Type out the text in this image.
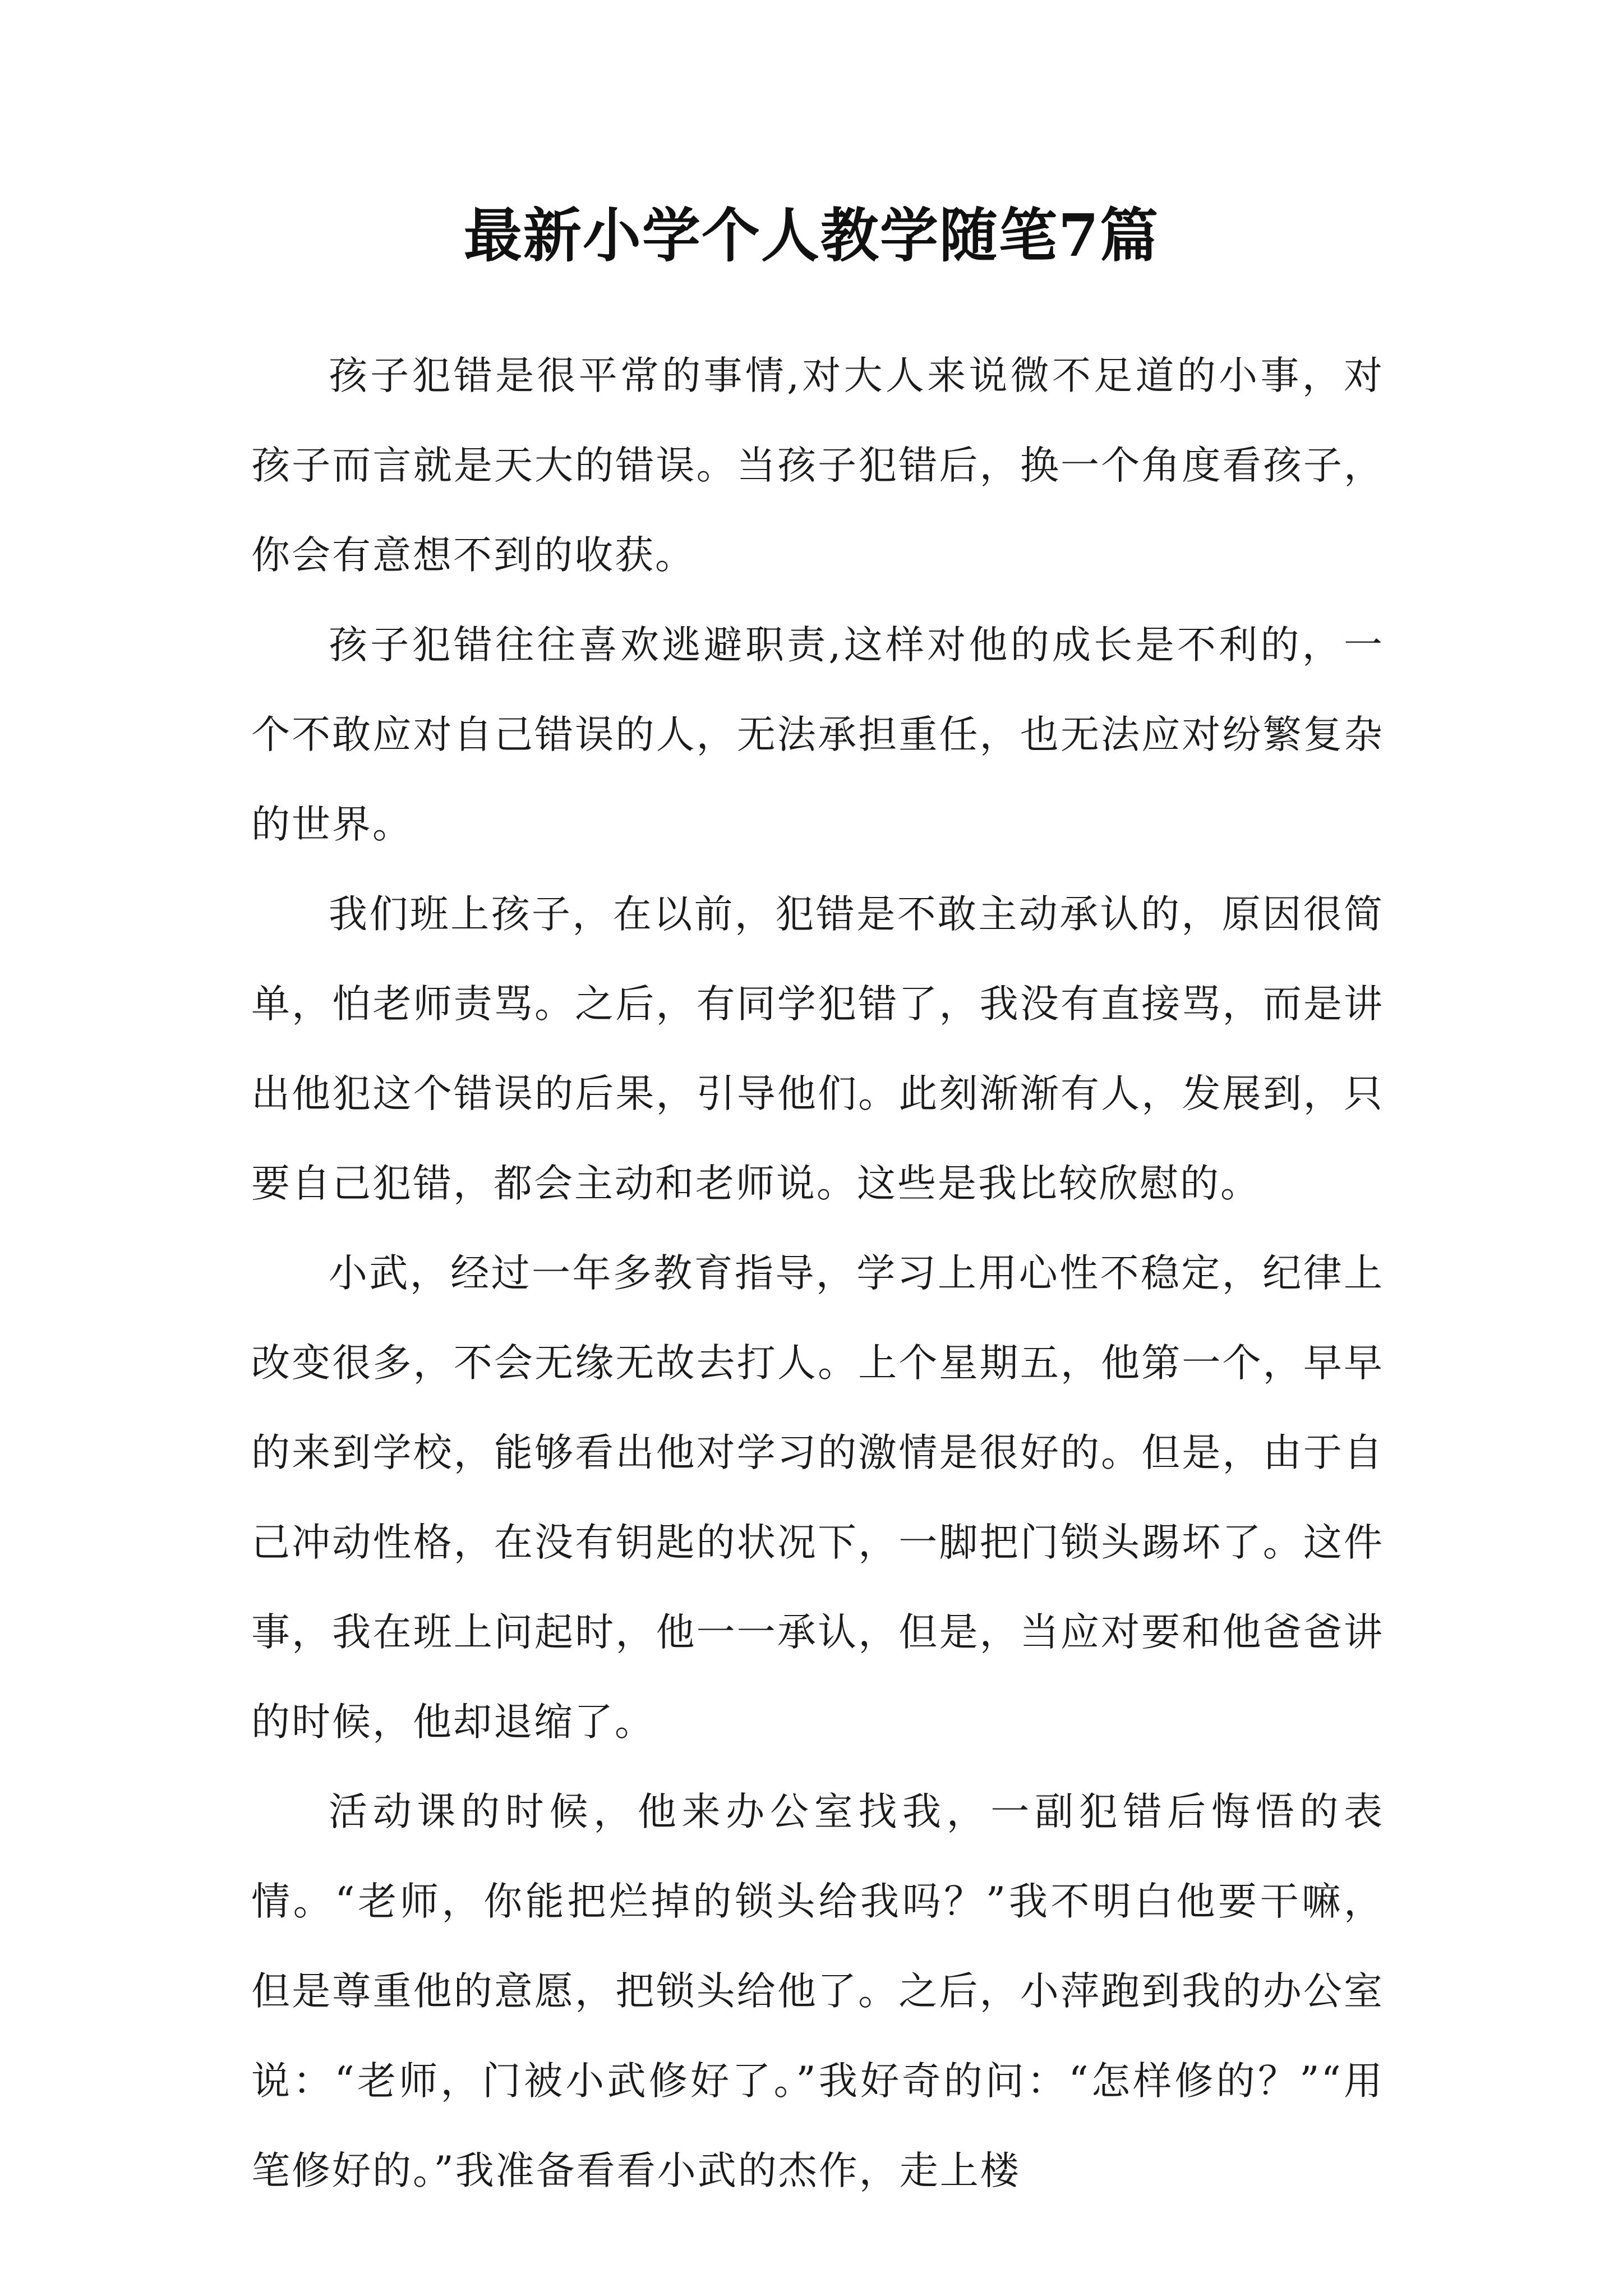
最新小学个人教学随笔7篇

孩子犯错是很平常的事情,对大人来说微不足道的小事，对孩子而言就是天大的错误。当孩子犯错后，换一个角度看孩子，你会有意想不到的收获。

孩子犯错往往喜欢逃避职责,这样对他的成长是不利的，一个不敢应对自己错误的人，无法承担重任，也无法应对纷繁复杂的世界。

我们班上孩子，在以前，犯错是不敢主动承认的，原因很简单，怕老师责骂。之后，有同学犯错了，我没有直接骂，而是讲出他犯这个错误的后果，引导他们。此刻渐渐有人，发展到，只要自己犯错，都会主动和老师说。这些是我比较欣慰的。

小武，经过一年多教育指导，学习上用心性不稳定，纪律上改变很多，不会无缘无故去打人。上个星期五，他第一个，早早的来到学校，能够看出他对学习的激情是很好的。但是，由于自己冲动性格，在没有钥匙的状况下，一脚把门锁头踢坏了。这件事，我在班上问起时，他一一承认，但是，当应对要和他爸爸讲的时候，他却退缩了。

活动课的时候，他来办公室找我，一副犯错后悔悟的表情。“老师，你能把烂掉的锁头给我吗？”我不明白他要干嘛，但是尊重他的意愿，把锁头给他了。之后，小萍跑到我的办公室说：“老师，门被小武修好了。”我好奇的问：“怎样修的？”“用笔修好的。”我准备看看小武的杰作，走上楼
